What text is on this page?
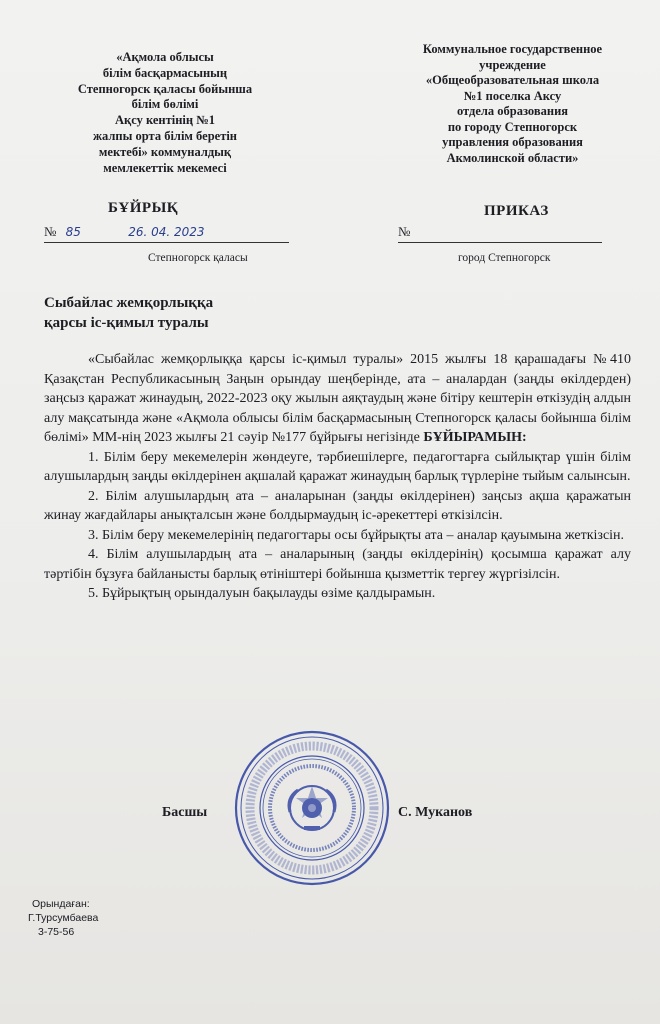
«Ақмола облысы
білім басқармасының
Степногорск қаласы бойынша
білім бөлімі
Ақсу кентінің №1
жалпы орта білім беретін
мектебі» коммуналдық
мемлекеттік мекемесі
Коммунальное государственное
учреждение
«Общеобразовательная школа
№1 поселка Аксу
отдела образования
по городу Степногорск
управления образования
Акмолинской области»
БҰЙРЫҚ	ПРИКАЗ
№ 85	26. 04. 2023	№
Степногорск қаласы	город Степногорск
Сыбайлас жемқорлыққа
қарсы іс-қимыл туралы

«Сыбайлас жемқорлыққа қарсы іс-қимыл туралы» 2015 жылғы 18 қарашадағы №410 Қазақстан Республикасының Заңын орындау шеңберінде, ата – аналардан (заңды өкілдерден) заңсыз қаражат жинаудың, 2022-2023 оқу жылын аяқтаудың және бітіру кештерін өткізудің алдын алу мақсатында және «Ақмола облысы білім басқармасының Степногорск қаласы бойынша білім бөлімі» ММ-нің 2023 жылғы 21 сәуір №177 бұйрығы негізінде БҰЙЫРАМЫН:

1. Білім беру мекемелерін жөндеуге, тәрбиешілерге, педагогтарға сыйлықтар үшін білім алушылардың заңды өкілдерінен ақшалай қаражат жинаудың барлық түрлеріне тыйым салынсын.

2. Білім алушылардың ата – аналарынан (заңды өкілдерінен) заңсыз ақша қаражатын жинау жағдайлары анықталсын және болдырмаудың іс-әрекеттері өткізілсін.

3. Білім беру мекемелерінің педагогтары осы бұйрықты ата – аналар қауымына жеткізсін.

4. Білім алушылардың ата – аналарының (заңды өкілдерінің) қосымша қаражат алу тәртібін бұзуға байланысты барлық өтініштері бойынша қызметтік тергеу жүргізілсін.

5. Бұйрықтың орындалуын бақылауды өзіме қалдырамын.

Басшы	С. Муканов
Орындаған:
Г.Турсумбаева
3-75-56
